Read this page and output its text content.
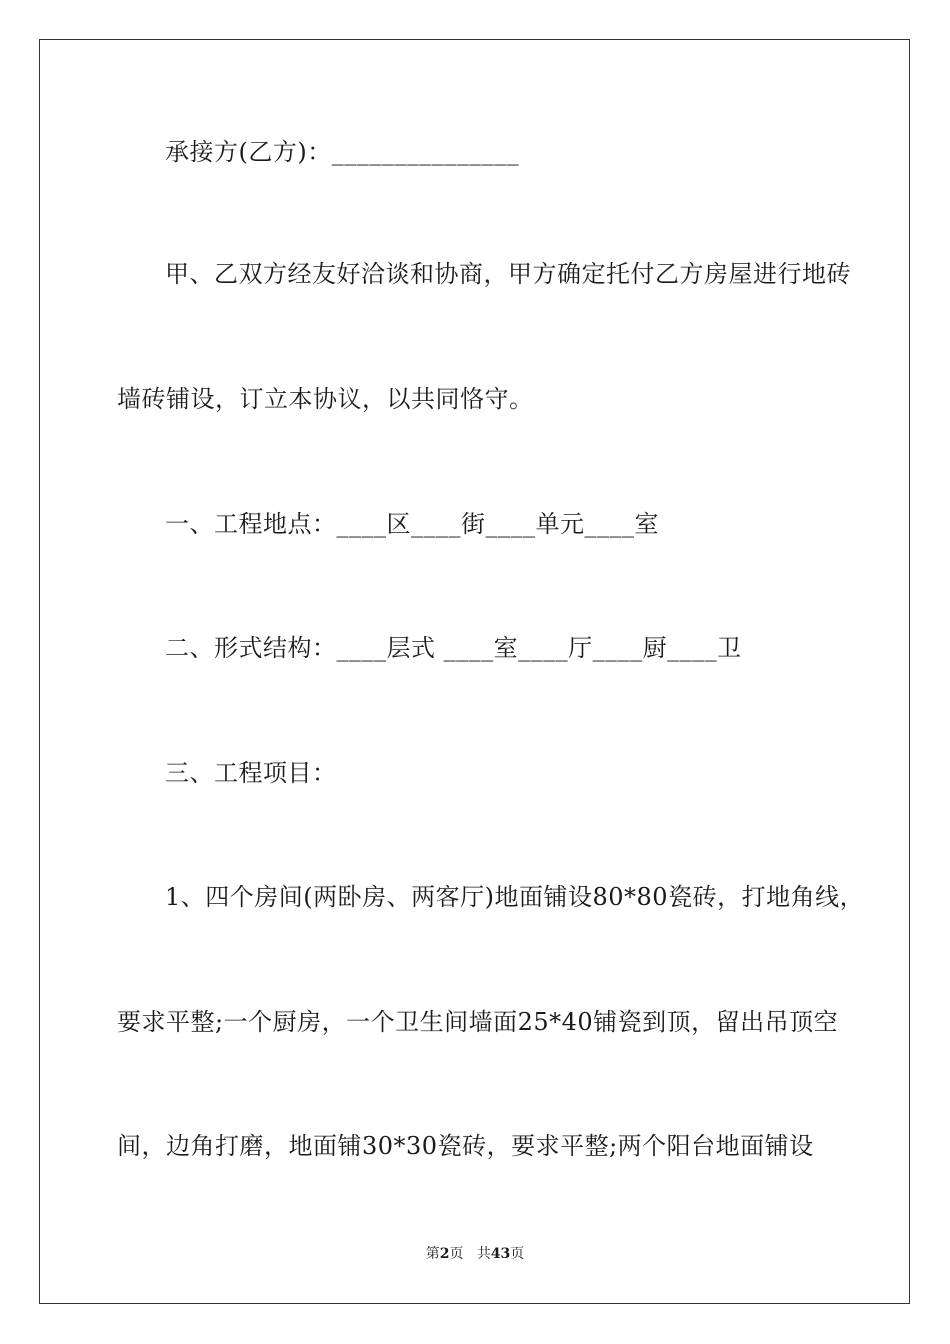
承接方(乙方)：_______________
甲、乙双方经友好洽谈和协商，甲方确定托付乙方房屋进行地砖
墙砖铺设，订立本协议，以共同恪守。
一、工程地点：____区____街____单元____室
二、形式结构：____层式 ____室____厅____厨____卫
三、工程项目：
1、四个房间(两卧房、两客厅)地面铺设80*80瓷砖，打地角线，
要求平整;一个厨房，一个卫生间墙面25*40铺瓷到顶，留出吊顶空
间，边角打磨，地面铺30*30瓷砖，要求平整;两个阳台地面铺设
第2页 共43页
